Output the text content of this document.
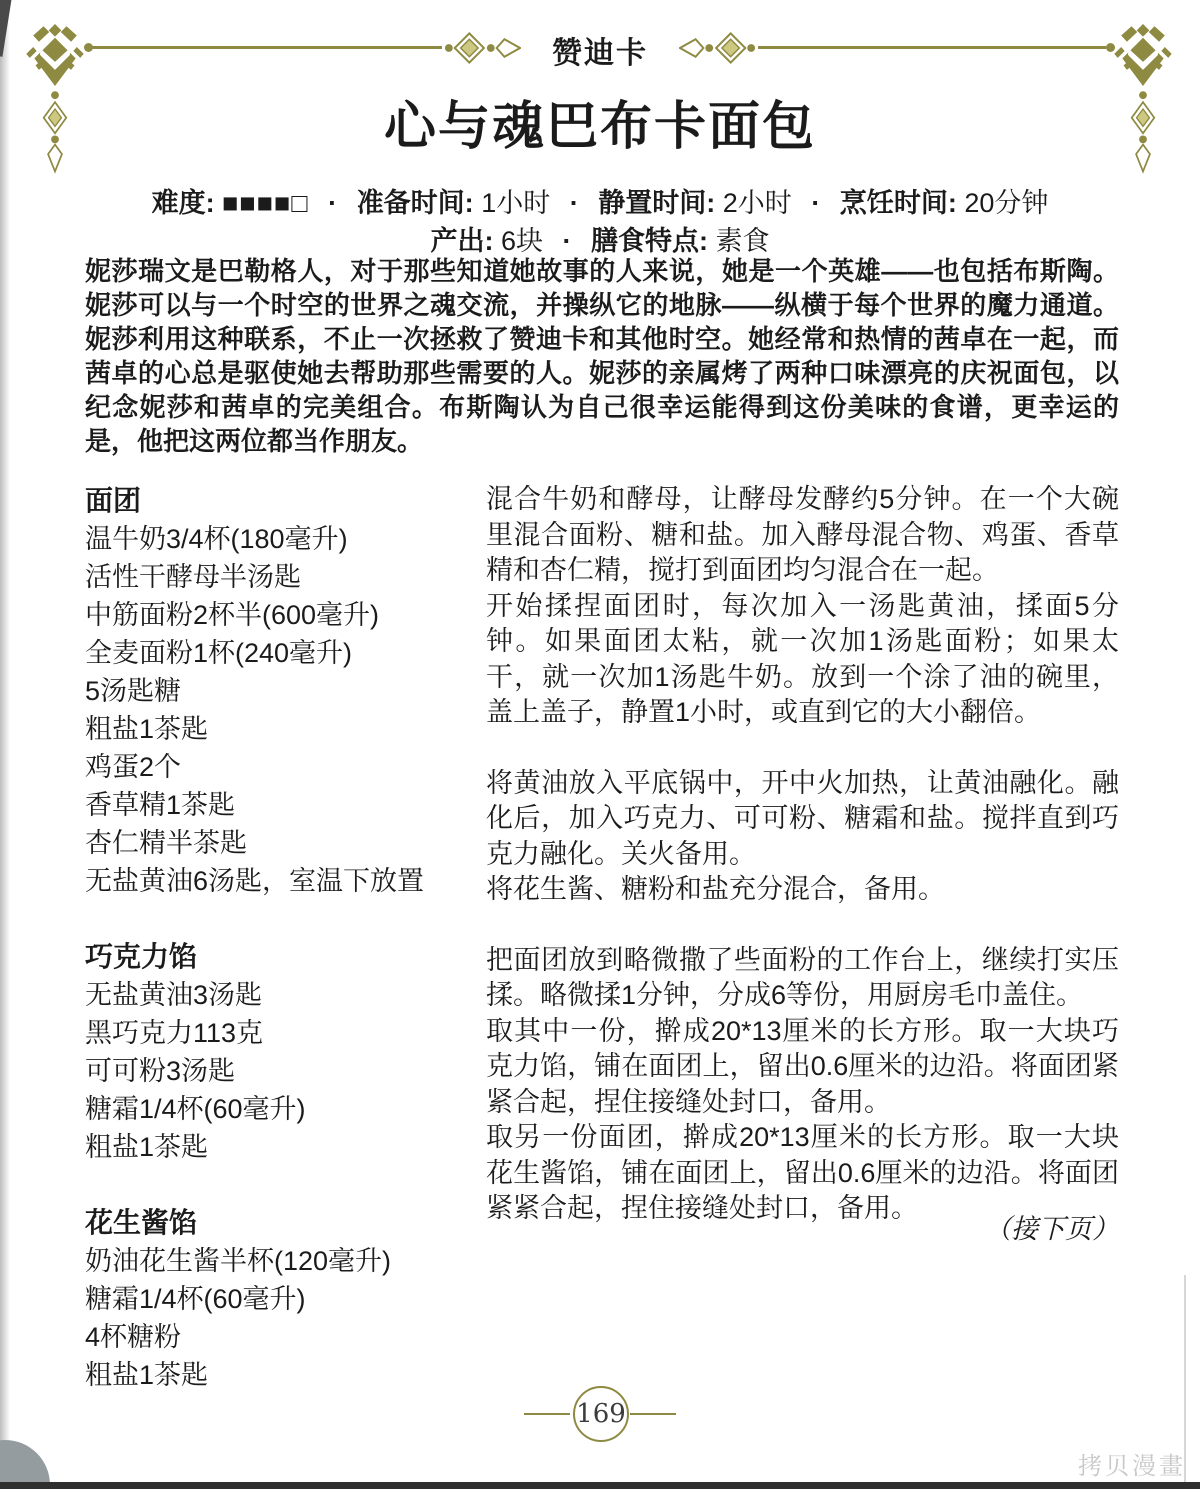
赞迪卡
心与魂巴布卡面包
难度: ■■■■□ · 准备时间: 1小时 · 静置时间: 2小时 · 烹饪时间: 20分钟
产出: 6块 · 膳食特点: 素食
妮莎瑞文是巴勒格人，对于那些知道她故事的人来说，她是一个英雄——也包括布斯陶。妮莎可以与一个时空的世界之魂交流，并操纵它的地脉——纵横于每个世界的魔力通道。妮莎利用这种联系，不止一次拯救了赞迪卡和其他时空。她经常和热情的茜卓在一起，而茜卓的心总是驱使她去帮助那些需要的人。妮莎的亲属烤了两种口味漂亮的庆祝面包，以纪念妮莎和茜卓的完美组合。布斯陶认为自己很幸运能得到这份美味的食谱，更幸运的是，他把这两位都当作朋友。
面团
温牛奶3/4杯(180毫升)
活性干酵母半汤匙
中筋面粉2杯半(600毫升)
全麦面粉1杯(240毫升)
5汤匙糖
粗盐1茶匙
鸡蛋2个
香草精1茶匙
杏仁精半茶匙
无盐黄油6汤匙，室温下放置
巧克力馅
无盐黄油3汤匙
黑巧克力113克
可可粉3汤匙
糖霜1/4杯(60毫升)
粗盐1茶匙
花生酱馅
奶油花生酱半杯(120毫升)
糖霜1/4杯(60毫升)
4杯糖粉
粗盐1茶匙

混合牛奶和酵母，让酵母发酵约5分钟。在一个大碗里混合面粉、糖和盐。加入酵母混合物、鸡蛋、香草精和杏仁精，搅打到面团均匀混合在一起。

开始揉捏面团时，每次加入一汤匙黄油，揉面5分钟。如果面团太粘，就一次加1汤匙面粉；如果太干，就一次加1汤匙牛奶。放到一个涂了油的碗里，盖上盖子，静置1小时，或直到它的大小翻倍。

将黄油放入平底锅中，开中火加热，让黄油融化。融化后，加入巧克力、可可粉、糖霜和盐。搅拌直到巧克力融化。关火备用。

将花生酱、糖粉和盐充分混合，备用。

把面团放到略微撒了些面粉的工作台上，继续打实压揉。略微揉1分钟，分成6等份，用厨房毛巾盖住。

取其中一份，擀成20*13厘米的长方形。取一大块巧克力馅，铺在面团上，留出0.6厘米的边沿。将面团紧紧合起，捏住接缝处封口，备用。

取另一份面团，擀成20*13厘米的长方形。取一大块花生酱馅，铺在面团上，留出0.6厘米的边沿。将面团紧紧合起，捏住接缝处封口，备用。

（接下页）
169
拷贝漫畫
